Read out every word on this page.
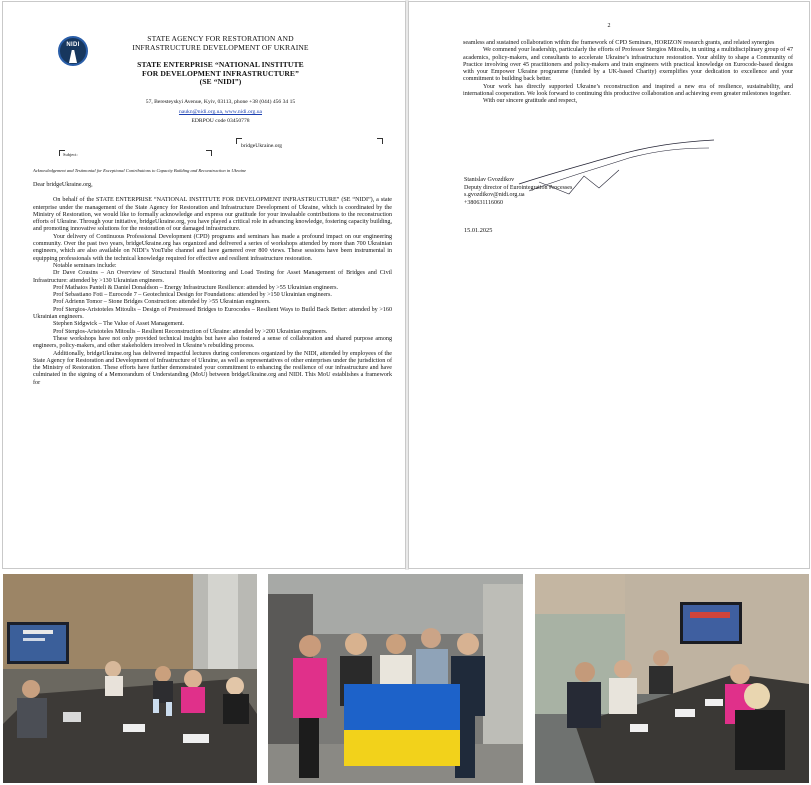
NIDI
STATE AGENCY FOR RESTORATION AND
INFRASTRUCTURE DEVELOPMENT OF UKRAINE
STATE ENTERPRISE “NATIONAL INSTITUTE
FOR DEVELOPMENT INFRASTRUCTURE”
(SE “NIDI”)
57, Beresteyskyi Avenue, Kyiv, 03113, phone +38 (044) 456 34 15
naukn@nidi.org.ua, www.nidi.org.ua
EDRPOU code 03450778
bridgeUkraine.org
Subject:
Acknowledgement and Testimonial for Exceptional Contributions to Capacity Building and Reconstruction in Ukraine

Dear bridgeUkraine.org,

On behalf of the STATE ENTERPRISE “NATIONAL INSTITUTE FOR DEVELOPMENT INFRASTRUCTURE” (SE “NIDI”), a state enterprise under the management of the State Agency for Restoration and Infrastructure Development of Ukraine, which is coordinated by the Ministry of Restoration, we would like to formally acknowledge and express our gratitude for your invaluable contributions to the reconstruction efforts of Ukraine. Through your initiative, bridgeUkraine.org, you have played a critical role in advancing knowledge, fostering capacity building, and promoting innovative solutions for the restoration of our damaged infrastructure.

Your delivery of Continuous Professional Development (CPD) programs and seminars has made a profound impact on our engineering community. Over the past two years, bridgeUkraine.org has organized and delivered a series of workshops attended by more than 700 Ukrainian engineers, which are also available on NIDI’s YouTube channel and have garnered over 800 views. These sessions have been instrumental in equipping professionals with the technical knowledge required for effective and resilient infrastructure restoration.

Notable seminars include:

Dr Dave Cousins – An Overview of Structural Health Monitoring and Load Testing for Asset Management of Bridges and Civil Infrastructure: attended by >130 Ukrainian engineers.

Prof Mathaios Panteli & Daniel Donaldson – Energy Infrastructure Resilience: attended by >55 Ukrainian engineers.

Prof Sebastiano Foti – Eurocode 7 – Geotechnical Design for Foundations: attended by >150 Ukrainian engineers.

Prof Adrienn Tomor – Stone Bridges Construction: attended by >55 Ukrainian engineers.

Prof Stergios-Aristoteles Mitoulis – Design of Prestressed Bridges to Eurocodes – Resilient Ways to Build Back Better: attended by >160 Ukrainian engineers.

Stephen Sidgwick – The Value of Asset Management.

Prof Stergios-Aristoteles Mitoulis – Resilient Reconstruction of Ukraine: attended by >200 Ukrainian engineers.

These workshops have not only provided technical insights but have also fostered a sense of collaboration and shared purpose among engineers, policy-makers, and other stakeholders involved in Ukraine’s rebuilding process.

Additionally, bridgeUkraine.org has delivered impactful lectures during conferences organized by the NIDI, attended by employees of the State Agency for Restoration and Development of Infrastructure of Ukraine, as well as representatives of other enterprises under the jurisdiction of the Ministry of Restoration. These efforts have further demonstrated your commitment to enhancing the resilience of our infrastructure and have culminated in the signing of a Memorandum of Understanding (MoU) between bridgeUkraine.org and NIDI. This MoU establishes a framework for

2

seamless and sustained collaboration within the framework of CPD Seminars, HORIZON research grants, and related synergies

We commend your leadership, particularly the efforts of Professor Stergios Mitoulis, in uniting a multidisciplinary group of 47 academics, policy-makers, and consultants to accelerate Ukraine’s infrastructure restoration. Your ability to shape a Community of Practice involving over 45 practitioners and policy-makers and train engineers with practical knowledge on Eurocode-based designs with your Empower Ukraine programme (funded by a UK-based Charity) exemplifies your dedication to excellence and your commitment to building back better.

Your work has directly supported Ukraine’s reconstruction and inspired a new era of resilience, sustainability, and international cooperation. We look forward to continuing this productive collaboration and achieving even greater milestones together.

With our sincere gratitude and respect,

Stanislav Gvozdikov
Deputy director of Eurointegration Processes
s.gvozdikov@nidi.org.ua
+380631116060
15.01.2025
